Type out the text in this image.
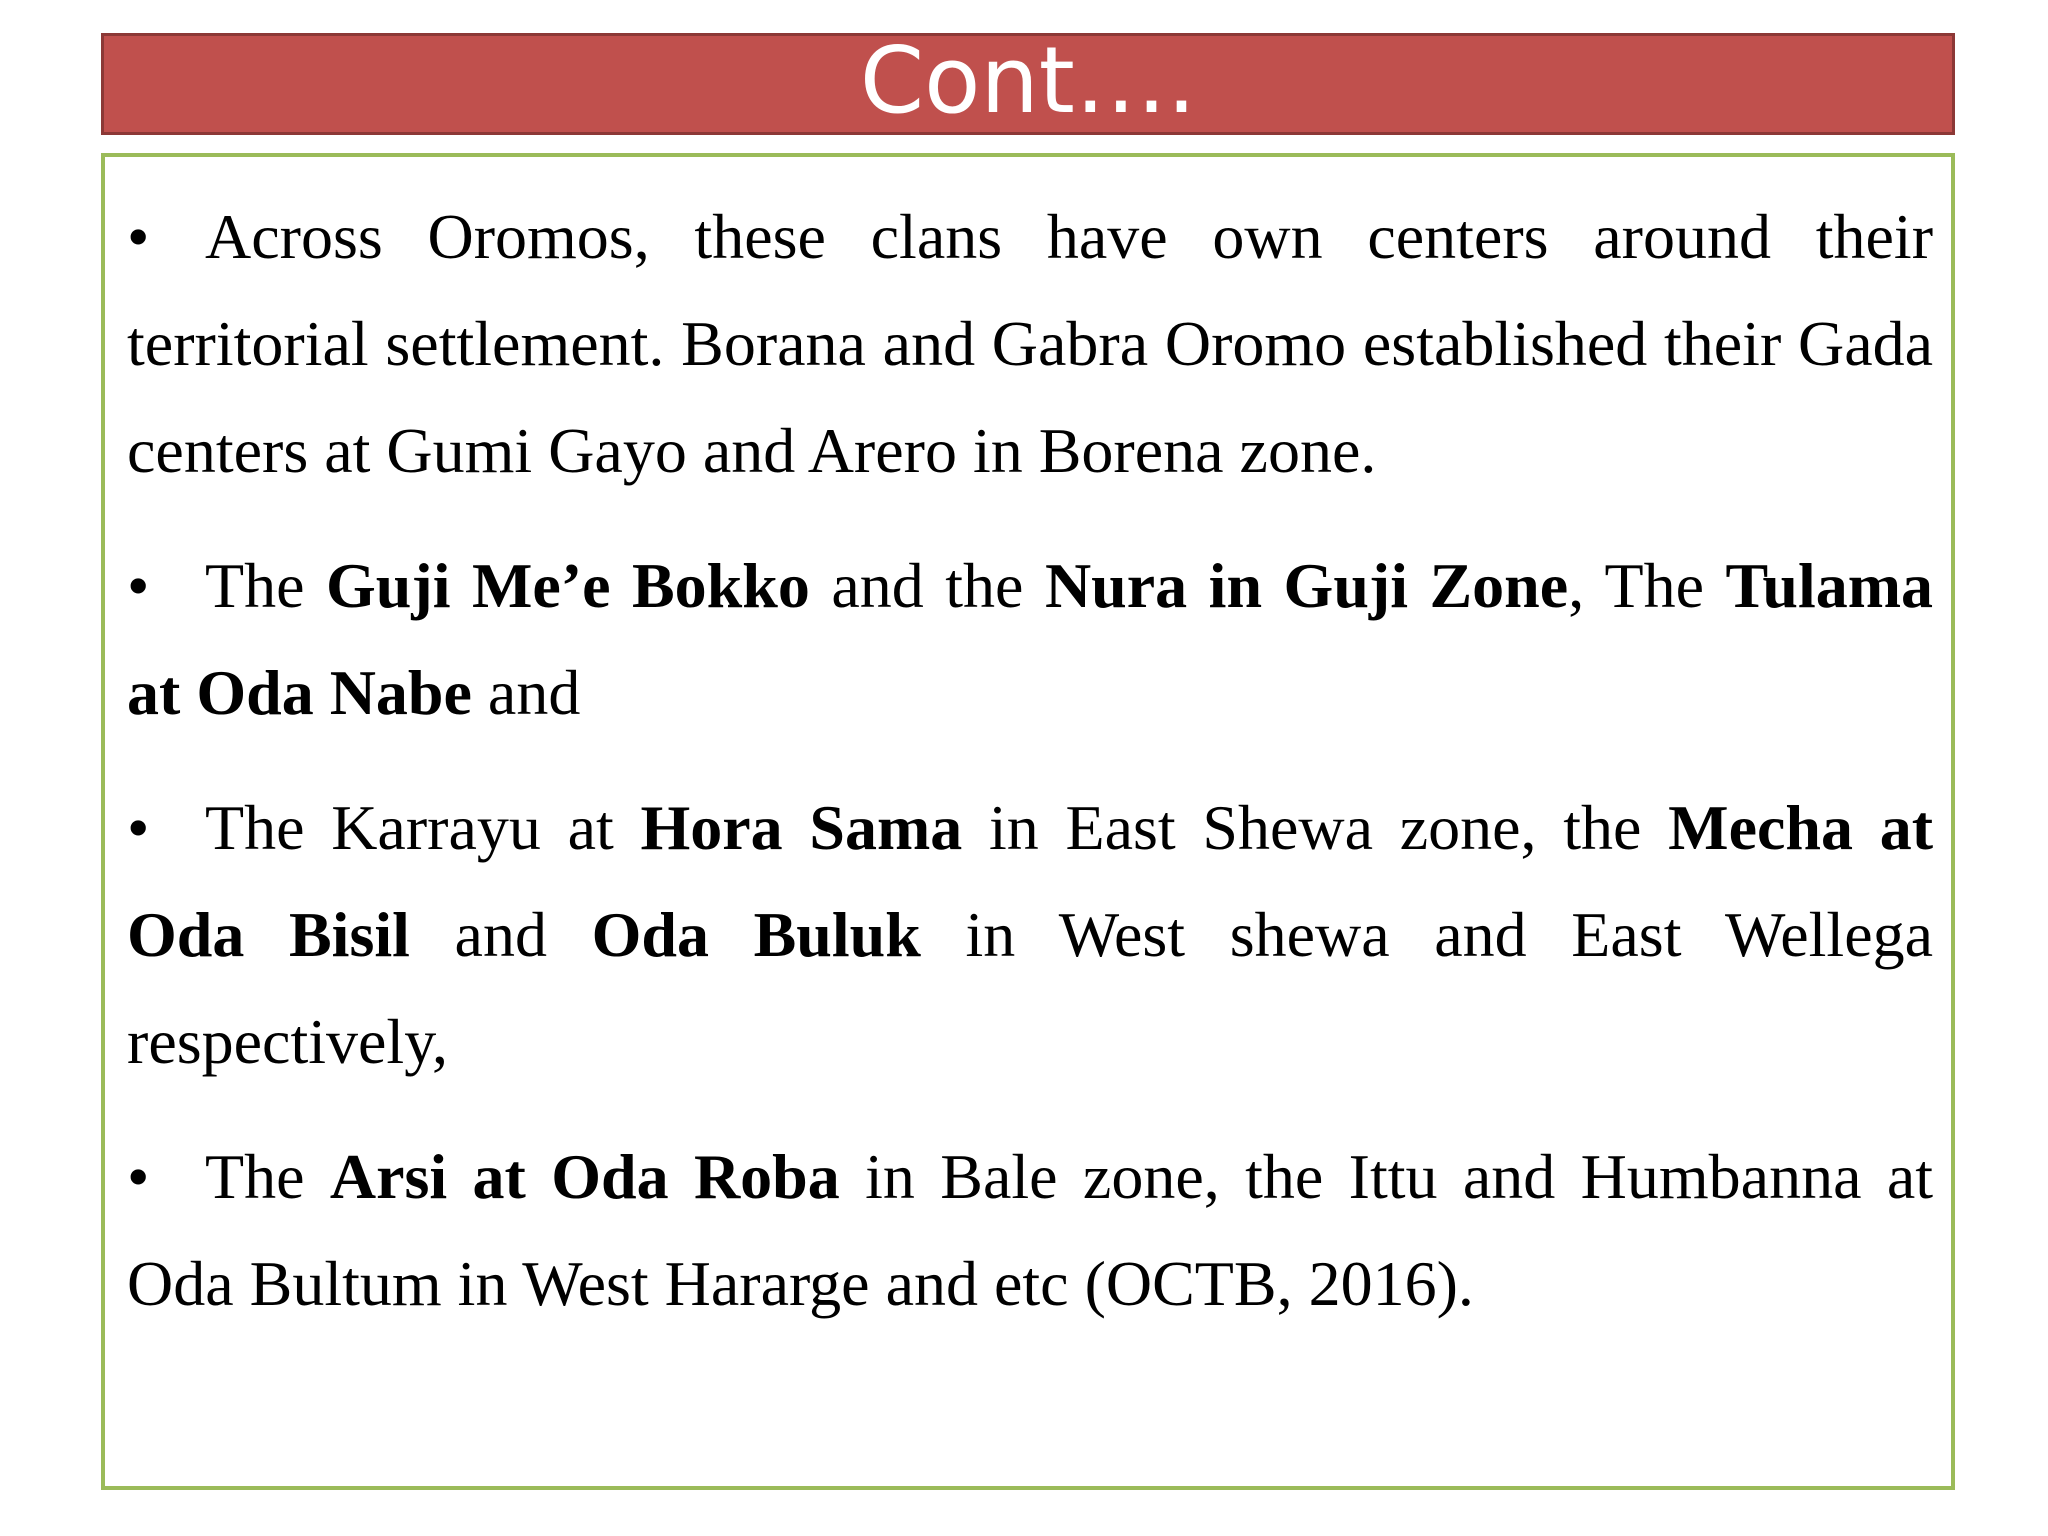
Cont….
• Across Oromos, these clans have own centers around their territorial settlement. Borana and Gabra Oromo established their Gada centers at Gumi Gayo and Arero in Borena zone.
• The Guji Me’e Bokko and the Nura in Guji Zone, The Tulama at Oda Nabe and
• The Karrayu at Hora Sama in East Shewa zone, the Mecha at Oda Bisil and Oda Buluk in West shewa and East Wellega respectively,
• The Arsi at Oda Roba in Bale zone, the Ittu and Humbanna at Oda Bultum in West Hararge and etc (OCTB, 2016).
